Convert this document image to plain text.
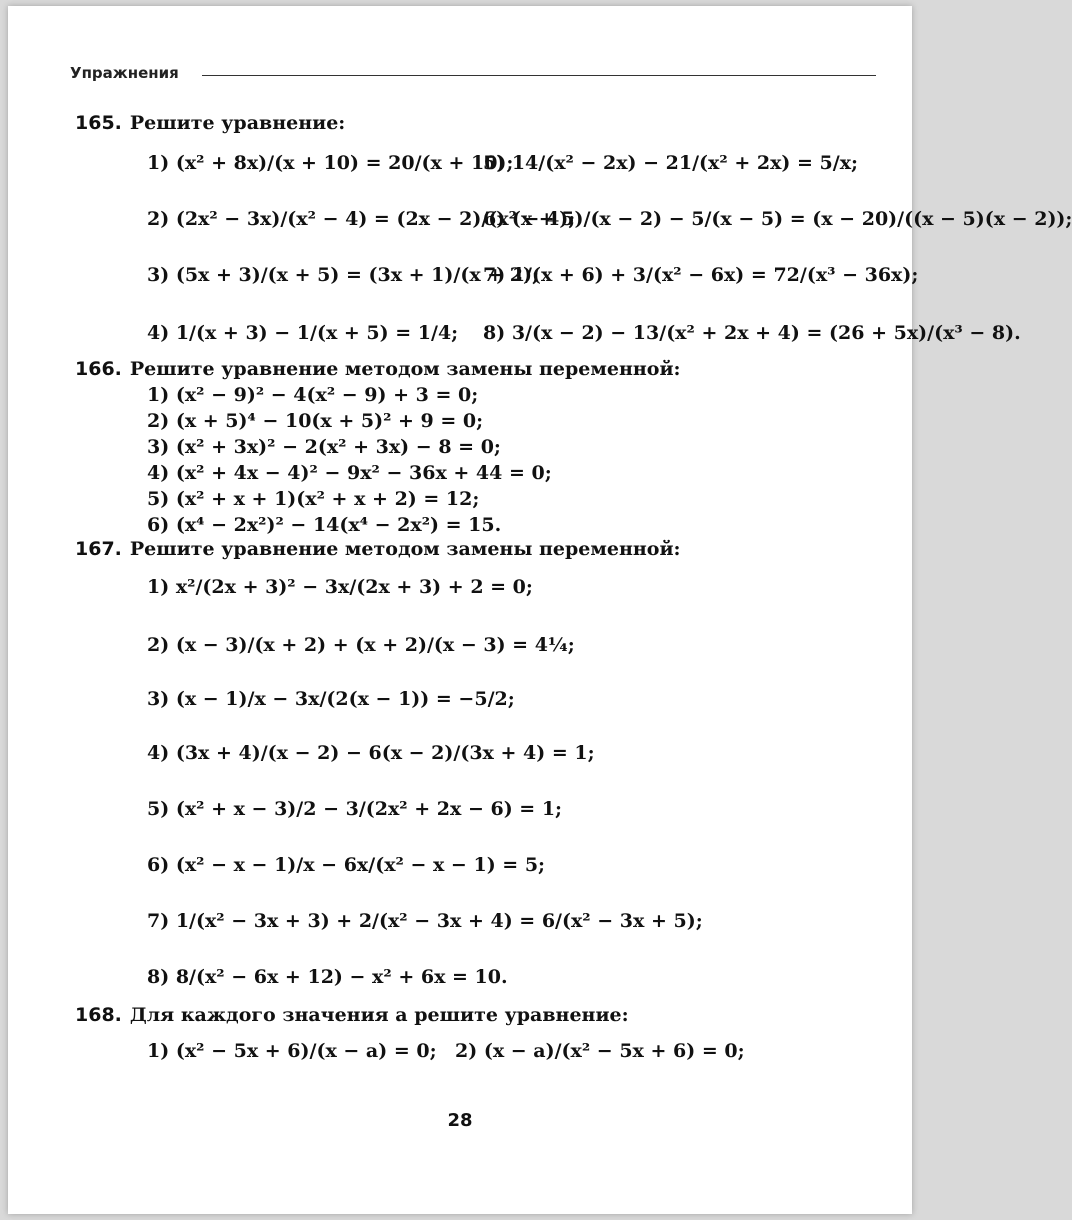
Упражнения
165. Решите уравнение:
1) (x² + 8x)/(x + 10) = 20/(x + 10);
5) 14/(x² − 2x) − 21/(x² + 2x) = 5/x;
2) (2x² − 3x)/(x² − 4) = (2x − 2)/(x² − 4);
6) (x + 5)/(x − 2) − 5/(x − 5) = (x − 20)/((x − 5)(x − 2));
3) (5x + 3)/(x + 5) = (3x + 1)/(x + 2);
7) 1/(x + 6) + 3/(x² − 6x) = 72/(x³ − 36x);
4) 1/(x + 3) − 1/(x + 5) = 1/4; 8) 3/(x − 2) − 13/(x² + 2x + 4) = (26 + 5x)/(x³ − 8).
166. Решите уравнение методом замены переменной:
1) (x² − 9)² − 4(x² − 9) + 3 = 0;
2) (x + 5)⁴ − 10(x + 5)² + 9 = 0;
3) (x² + 3x)² − 2(x² + 3x) − 8 = 0;
4) (x² + 4x − 4)² − 9x² − 36x + 44 = 0;
5) (x² + x + 1)(x² + x + 2) = 12;
6) (x⁴ − 2x²)² − 14(x⁴ − 2x²) = 15.
167. Решите уравнение методом замены переменной:
1) x²/(2x + 3)² − 3x/(2x + 3) + 2 = 0;
2) (x − 3)/(x + 2) + (x + 2)/(x − 3) = 4¼;
3) (x − 1)/x − 3x/(2(x − 1)) = −5/2;
4) (3x + 4)/(x − 2) − 6(x − 2)/(3x + 4) = 1;
5) (x² + x − 3)/2 − 3/(2x² + 2x − 6) = 1;
6) (x² − x − 1)/x − 6x/(x² − x − 1) = 5;
7) 1/(x² − 3x + 3) + 2/(x² − 3x + 4) = 6/(x² − 3x + 5);
8) 8/(x² − 6x + 12) − x² + 6x = 10.
168. Для каждого значения a решите уравнение:
1) (x² − 5x + 6)/(x − a) = 0; 2) (x − a)/(x² − 5x + 6) = 0;
28
